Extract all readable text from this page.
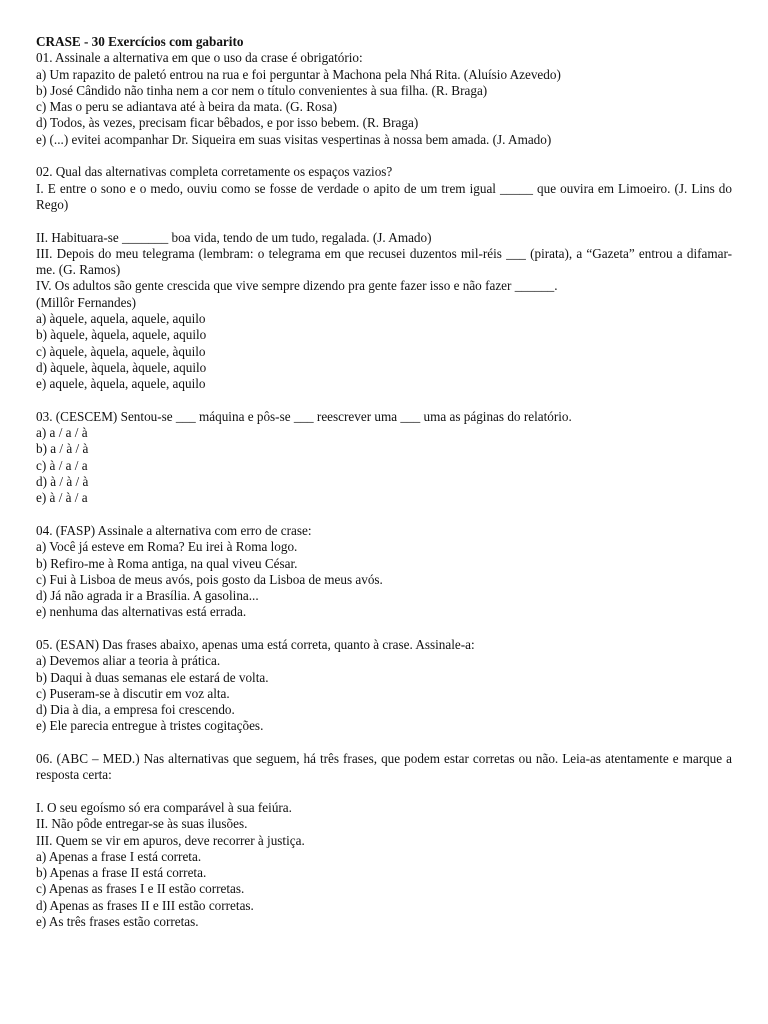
CRASE - 30 Exercícios com gabarito
01. Assinale a alternativa em que o uso da crase é obrigatório:
a) Um rapazito de paletó entrou na rua e foi perguntar à Machona pela Nhá Rita. (Aluísio Azevedo)
b) José Cândido não tinha nem a cor nem o título convenientes à sua filha. (R. Braga)
c) Mas o peru se adiantava até à beira da mata. (G. Rosa)
d) Todos, às vezes, precisam ficar bêbados, e por isso bebem. (R. Braga)
e) (...) evitei acompanhar Dr. Siqueira em suas visitas vespertinas à nossa bem amada. (J. Amado)
02. Qual das alternativas completa corretamente os espaços vazios?
I. E entre o sono e o medo, ouviu como se fosse de verdade o apito de um trem igual _____ que ouvira em Limoeiro. (J. Lins do Rego)
II. Habituara-se _______ boa vida, tendo de um tudo, regalada. (J. Amado)
III. Depois do meu telegrama (lembram: o telegrama em que recusei duzentos mil-réis ___ (pirata), a “Gazeta” entrou a difamar-me. (G. Ramos)
IV. Os adultos são gente crescida que vive sempre dizendo pra gente fazer isso e não fazer ______.
(Millôr Fernandes)
a) àquele, aquela, aquele, aquilo
b) àquele, àquela, aquele, aquilo
c) àquele, àquela, aquele, àquilo
d) àquele, àquela, àquele, aquilo
e) aquele, àquela, aquele, aquilo
03. (CESCEM) Sentou-se ___ máquina e pôs-se ___ reescrever uma ___ uma as páginas do relatório.
a) a / a / à
b) a / à / à
c) à / a / a
d) à / à / à
e) à / à / a
04. (FASP) Assinale a alternativa com erro de crase:
a) Você já esteve em Roma? Eu irei à Roma logo.
b) Refiro-me à Roma antiga, na qual viveu César.
c) Fui à Lisboa de meus avós, pois gosto da Lisboa de meus avós.
d) Já não agrada ir a Brasília. A gasolina...
e) nenhuma das alternativas está errada.
05. (ESAN) Das frases abaixo, apenas uma está correta, quanto à crase. Assinale-a:
a) Devemos aliar a teoria à prática.
b) Daqui à duas semanas ele estará de volta.
c) Puseram-se à discutir em voz alta.
d) Dia à dia, a empresa foi crescendo.
e) Ele parecia entregue à tristes cogitações.
06. (ABC – MED.) Nas alternativas que seguem, há três frases, que podem estar corretas ou não. Leia-as atentamente e marque a resposta certa:
I. O seu egoísmo só era comparável à sua feiúra.
II. Não pôde entregar-se às suas ilusões.
III. Quem se vir em apuros, deve recorrer à justiça.
a) Apenas a frase I está correta.
b) Apenas a frase II está correta.
c) Apenas as frases I e II estão corretas.
d) Apenas as frases II e III estão corretas.
e) As três frases estão corretas.
